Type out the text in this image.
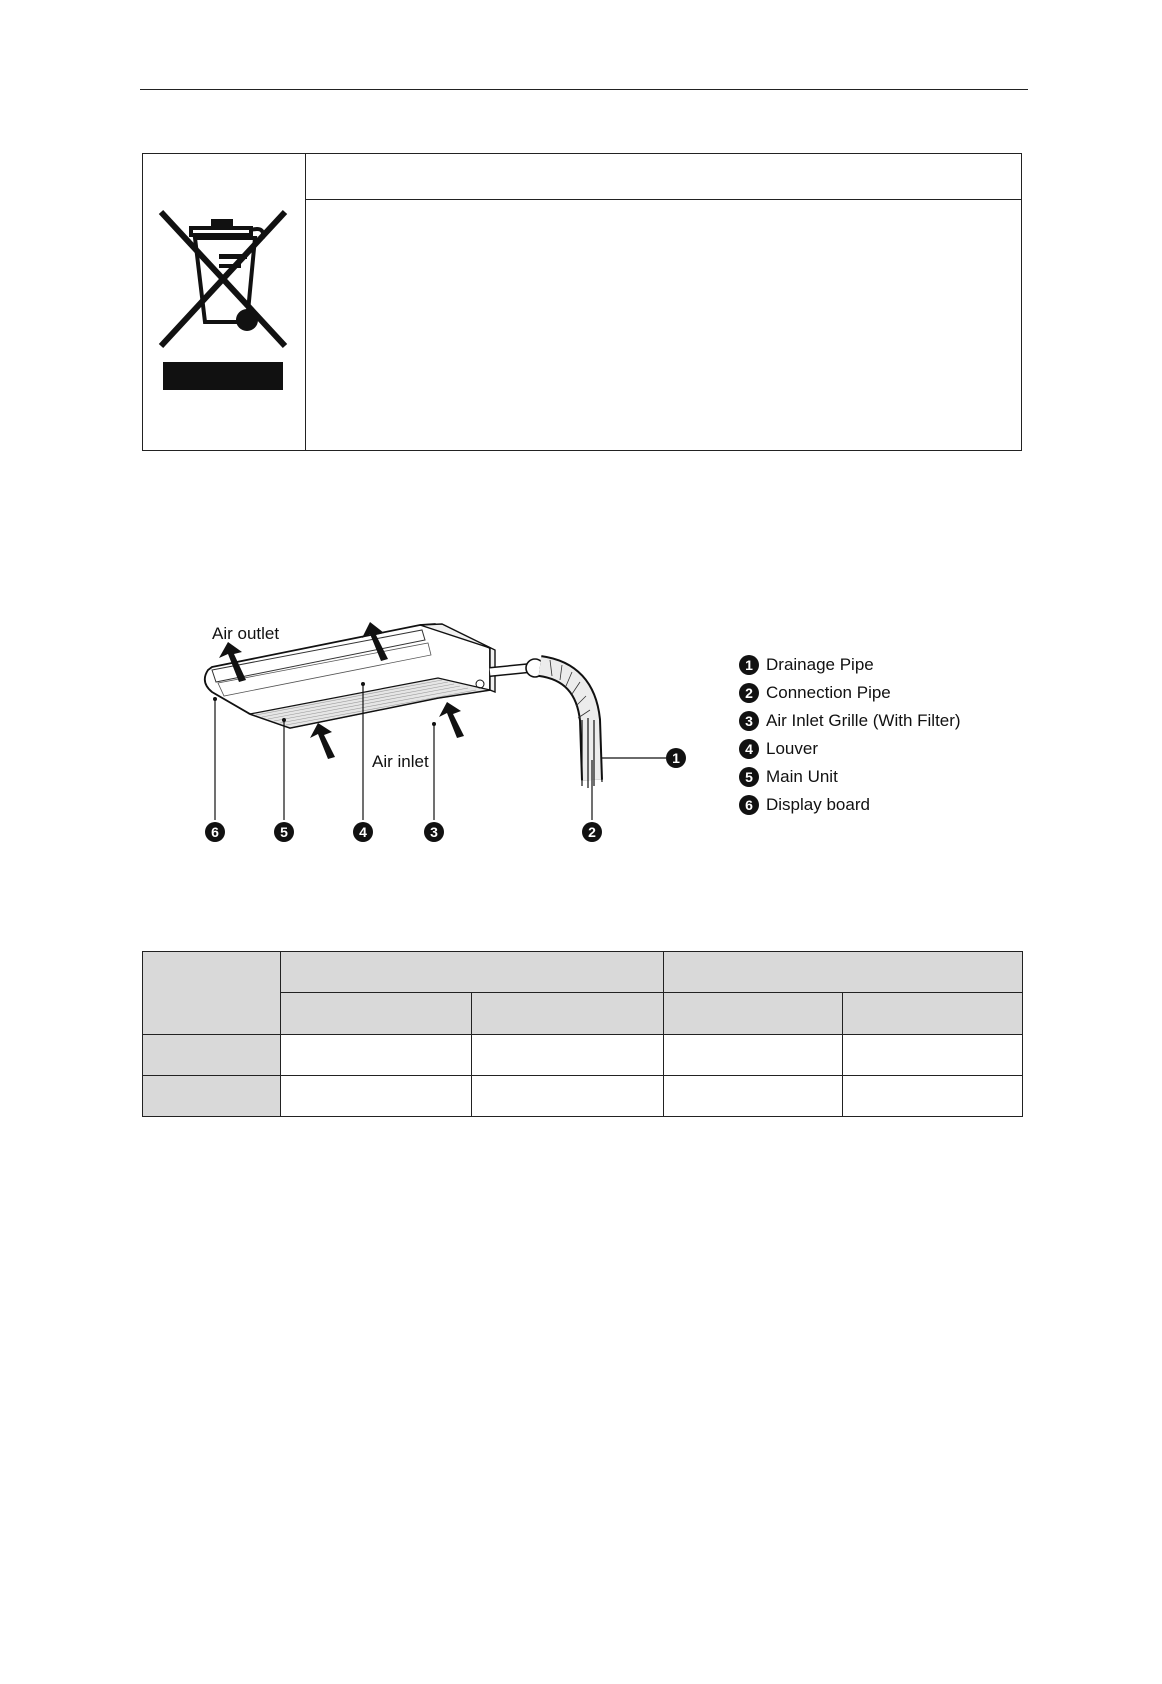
Air outlet
Air inlet
6	5	4	3	2
1
1 Drainage Pipe
2 Connection Pipe
3 Air Inlet Grille (With Filter)
4 Louver
5 Main Unit
6 Display board
